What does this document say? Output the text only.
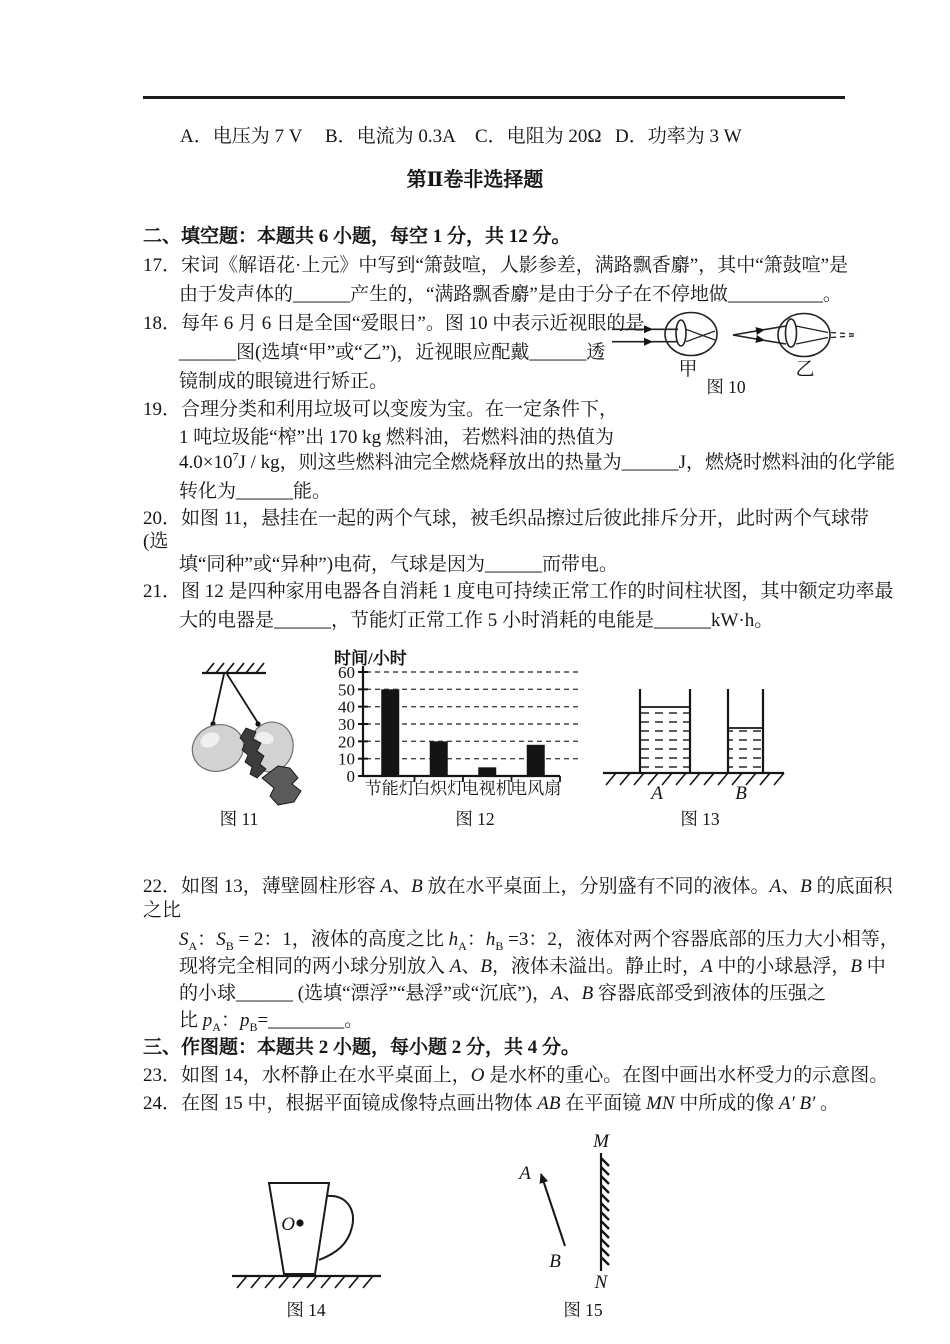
A．电压为 7 V B．电流为 0.3A C．电阻为 20Ω D．功率为 3 W
第Ⅱ卷非选择题
二、填空题：本题共 6 小题，每空 1 分，共 12 分。
17．宋词《解语花·上元》中写到“箫鼓喧，人影参差，满路飘香麝”，其中“箫鼓喧”是
由于发声体的______产生的，“满路飘香麝”是由于分子在不停地做__________。
18．每年 6 月 6 日是全国“爱眼日”。图 10 中表示近视眼的是
______图(选填“甲”或“乙”)，近视眼应配戴______透
镜制成的眼镜进行矫正。
甲	乙
图 10
19．合理分类和利用垃圾可以变废为宝。在一定条件下，
1 吨垃圾能“榨”出 170 kg 燃料油，若燃料油的热值为
$4.0\times 10^7J$ / kg，则这些燃料油完全燃烧释放出的热量为______J，燃烧时燃料油的化学能
转化为______能。
20．如图 11，悬挂在一起的两个气球，被毛织品擦过后彼此排斥分开，此时两个气球带
(选
填“同种”或“异种”)电荷，气球是因为______而带电。
21．图 12 是四种家用电器各自消耗 1 度电可持续正常工作的时间柱状图，其中额定功率最
大的电器是______，节能灯正常工作 5 小时消耗的电能是______kW·h。
图 11
时间/小时
0
10
20
30
40
50
60
节能灯
白炽灯
电视机
电风扇
图 12
A	B
图 13
22．如图 13，薄壁圆柱形容 A、B 放在水平桌面上，分别盛有不同的液体。A、B 的底面积
之比
$S_A$：$S_B = 2$：1，液体的高度之比 $h_A$：$h_B =3$：2，液体对两个容器底部的压力大小相等，
现将完全相同的两小球分别放入 A、B，液体未溢出。静止时，A 中的小球悬浮，B 中
的小球______ (选填“漂浮”“悬浮”或“沉底”)，A、B 容器底部受到液体的压强之
比 $p_A$：$p_B=\_\_\_\_\_\_\_\_$。
三、作图题：本题共 2 小题，每小题 2 分，共 4 分。
23．如图 14，水杯静止在水平桌面上，O 是水杯的重心。在图中画出水杯受力的示意图。
24．在图 15 中，根据平面镜成像特点画出物体 AB 在平面镜 MN 中所成的像 A′ B′ 。
O
图 14
M
N
A
B
图 15
